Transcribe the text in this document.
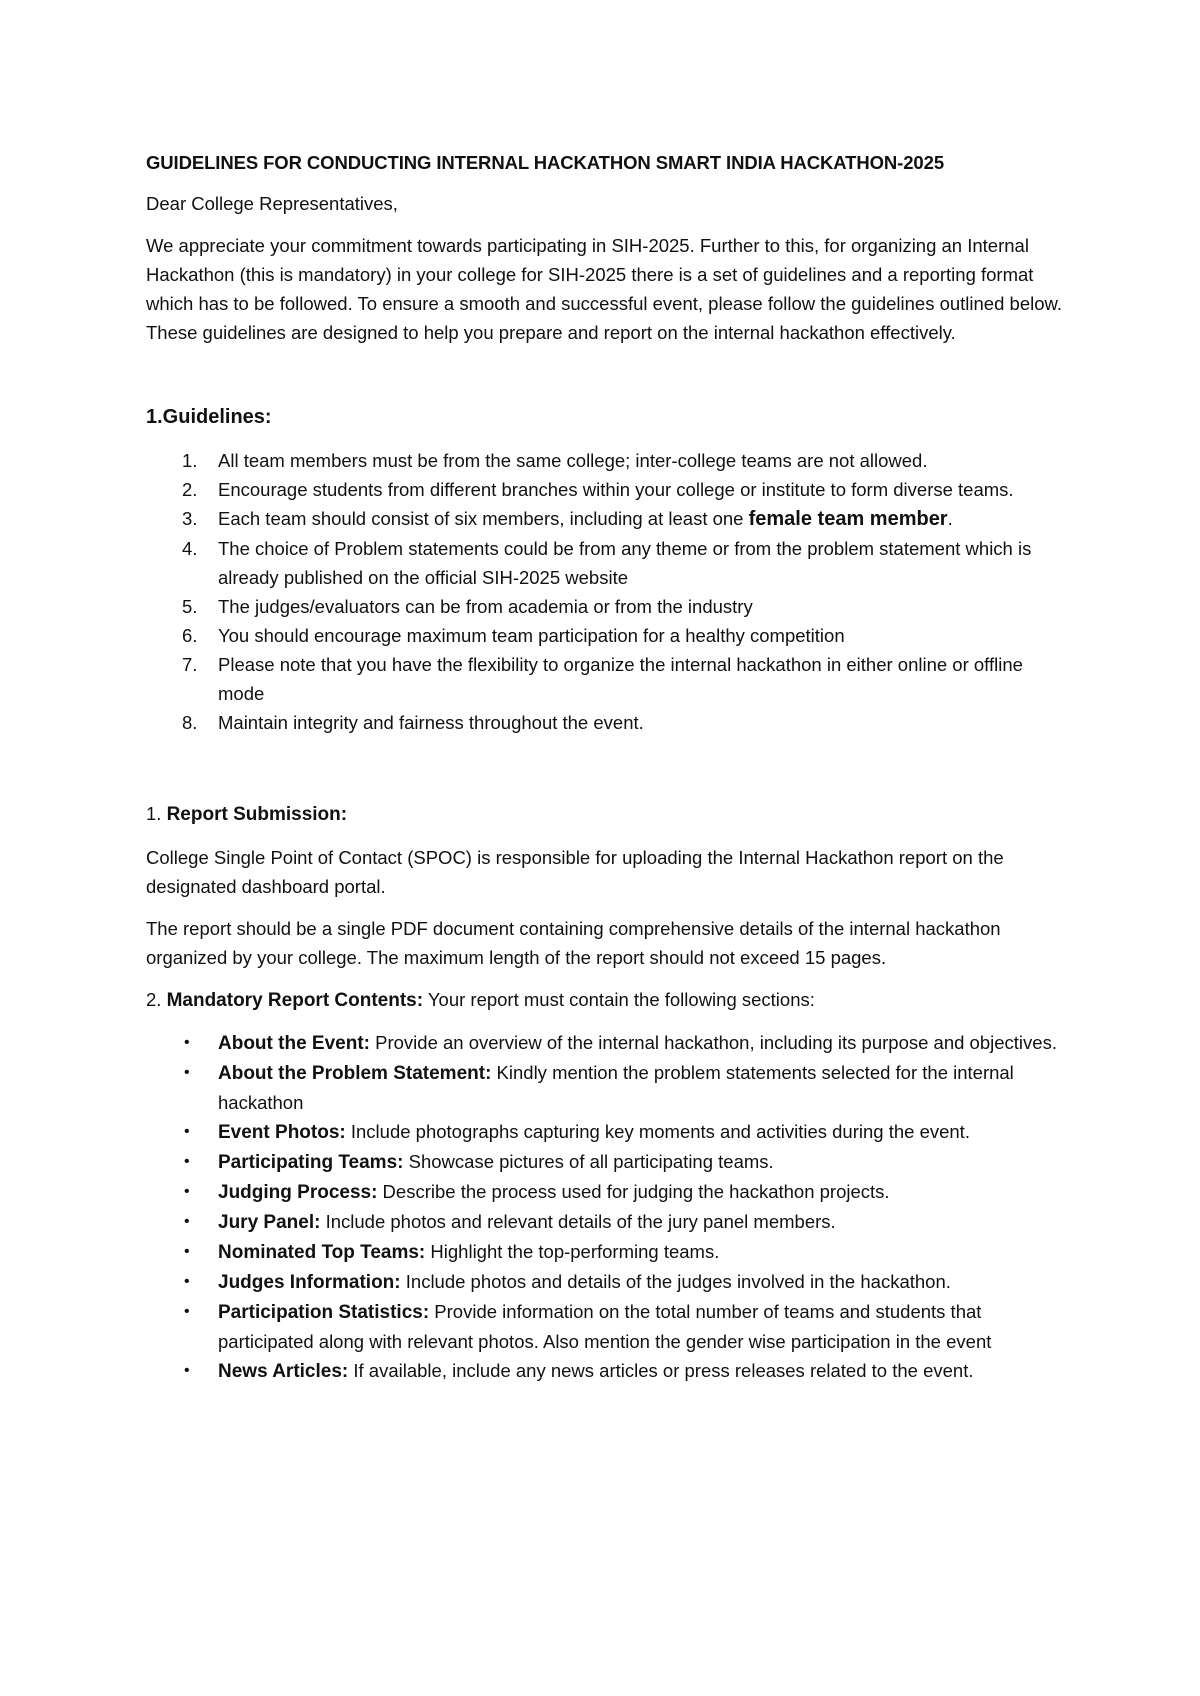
GUIDELINES FOR CONDUCTING INTERNAL HACKATHON SMART INDIA HACKATHON-2025

Dear College Representatives,

We appreciate your commitment towards participating in SIH-2025. Further to this, for organizing an Internal Hackathon (this is mandatory) in your college for SIH-2025 there is a set of guidelines and a reporting format which has to be followed. To ensure a smooth and successful event, please follow the guidelines outlined below. These guidelines are designed to help you prepare and report on the internal hackathon effectively.

1.Guidelines:
1. All team members must be from the same college; inter-college teams are not allowed.
2. Encourage students from different branches within your college or institute to form diverse teams.
3. Each team should consist of six members, including at least one female team member.
4. The choice of Problem statements could be from any theme or from the problem statement which is already published on the official SIH-2025 website
5. The judges/evaluators can be from academia or from the industry
6. You should encourage maximum team participation for a healthy competition
7. Please note that you have the flexibility to organize the internal hackathon in either online or offline mode
8. Maintain integrity and fairness throughout the event.
1. Report Submission:

College Single Point of Contact (SPOC) is responsible for uploading the Internal Hackathon report on the designated dashboard portal.

The report should be a single PDF document containing comprehensive details of the internal hackathon organized by your college. The maximum length of the report should not exceed 15 pages.

2. Mandatory Report Contents: Your report must contain the following sections:

• About the Event: Provide an overview of the internal hackathon, including its purpose and objectives.
• About the Problem Statement: Kindly mention the problem statements selected for the internal hackathon
• Event Photos: Include photographs capturing key moments and activities during the event.
• Participating Teams: Showcase pictures of all participating teams.
• Judging Process: Describe the process used for judging the hackathon projects.
• Jury Panel: Include photos and relevant details of the jury panel members.
• Nominated Top Teams: Highlight the top-performing teams.
• Judges Information: Include photos and details of the judges involved in the hackathon.
• Participation Statistics: Provide information on the total number of teams and students that participated along with relevant photos. Also mention the gender wise participation in the event
• News Articles: If available, include any news articles or press releases related to the event.
